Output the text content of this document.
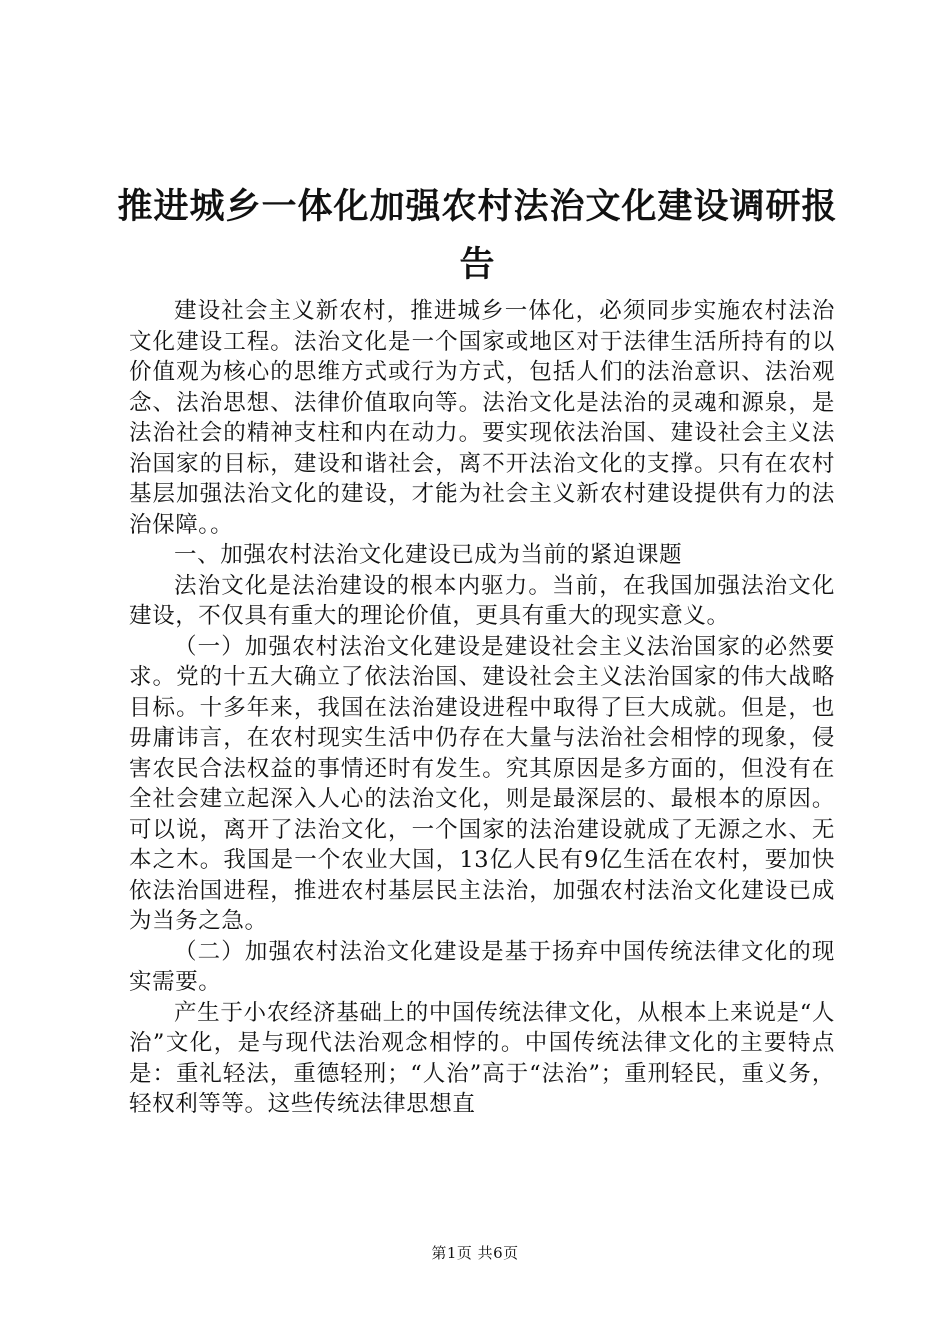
推进城乡一体化加强农村法治文化建设调研报告

建设社会主义新农村，推进城乡一体化，必须同步实施农村法治文化建设工程。法治文化是一个国家或地区对于法律生活所持有的以价值观为核心的思维方式或行为方式，包括人们的法治意识、法治观念、法治思想、法律价值取向等。法治文化是法治的灵魂和源泉，是法治社会的精神支柱和内在动力。要实现依法治国、建设社会主义法治国家的目标，建设和谐社会，离不开法治文化的支撑。只有在农村基层加强法治文化的建设，才能为社会主义新农村建设提供有力的法治保障。。

一、加强农村法治文化建设已成为当前的紧迫课题

法治文化是法治建设的根本内驱力。当前，在我国加强法治文化建设，不仅具有重大的理论价值，更具有重大的现实意义。

（一）加强农村法治文化建设是建设社会主义法治国家的必然要求。党的十五大确立了依法治国、建设社会主义法治国家的伟大战略目标。十多年来，我国在法治建设进程中取得了巨大成就。但是，也毋庸讳言，在农村现实生活中仍存在大量与法治社会相悖的现象，侵害农民合法权益的事情还时有发生。究其原因是多方面的，但没有在全社会建立起深入人心的法治文化，则是最深层的、最根本的原因。可以说，离开了法治文化，一个国家的法治建设就成了无源之水、无本之木。我国是一个农业大国，13亿人民有9亿生活在农村，要加快依法治国进程，推进农村基层民主法治，加强农村法治文化建设已成为当务之急。

（二）加强农村法治文化建设是基于扬弃中国传统法律文化的现实需要。

产生于小农经济基础上的中国传统法律文化，从根本上来说是“人治”文化，是与现代法治观念相悖的。中国传统法律文化的主要特点是：重礼轻法，重德轻刑；“人治”高于“法治”；重刑轻民，重义务，轻权利等等。这些传统法律思想直

第1页 共6页
